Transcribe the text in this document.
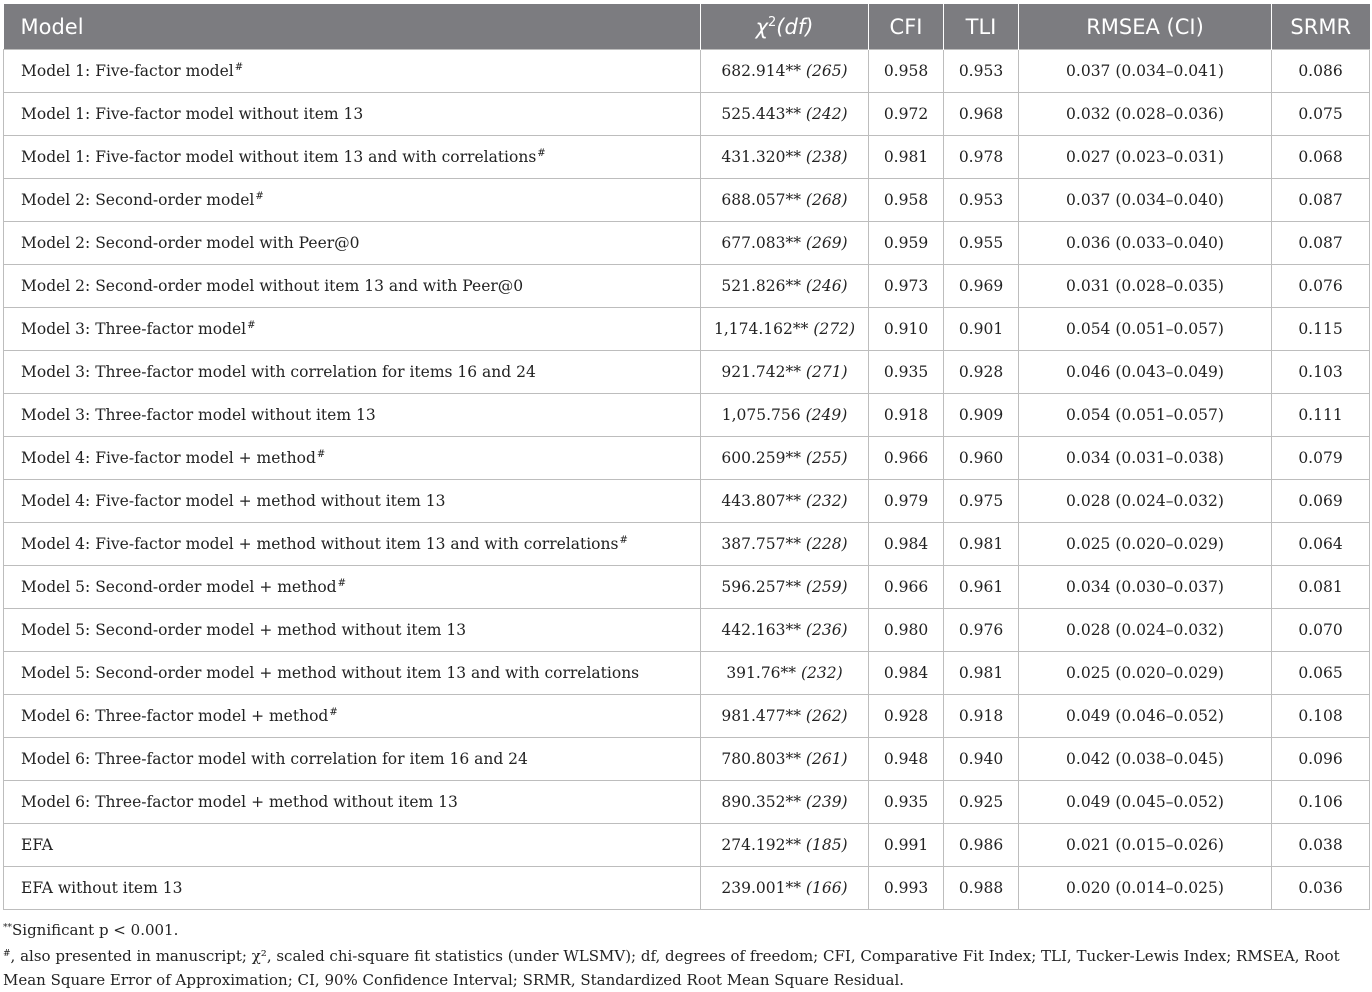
Model	$\chi^2(df)$	CFI	TLI	RMSEA (CI)	SRMR
Model 1: Five-factor model#	682.914** (265)	0.958	0.953	0.037 (0.034–0.041)	0.086
Model 1: Five-factor model without item 13	525.443** (242)	0.972	0.968	0.032 (0.028–0.036)	0.075
Model 1: Five-factor model without item 13 and with correlations#	431.320** (238)	0.981	0.978	0.027 (0.023–0.031)	0.068
Model 2: Second-order model#	688.057** (268)	0.958	0.953	0.037 (0.034–0.040)	0.087
Model 2: Second-order model with Peer@0	677.083** (269)	0.959	0.955	0.036 (0.033–0.040)	0.087
Model 2: Second-order model without item 13 and with Peer@0	521.826** (246)	0.973	0.969	0.031 (0.028–0.035)	0.076
Model 3: Three-factor model#	1,174.162** (272)	0.910	0.901	0.054 (0.051–0.057)	0.115
Model 3: Three-factor model with correlation for items 16 and 24	921.742** (271)	0.935	0.928	0.046 (0.043–0.049)	0.103
Model 3: Three-factor model without item 13	1,075.756 (249)	0.918	0.909	0.054 (0.051–0.057)	0.111
Model 4: Five-factor model + method#	600.259** (255)	0.966	0.960	0.034 (0.031–0.038)	0.079
Model 4: Five-factor model + method without item 13	443.807** (232)	0.979	0.975	0.028 (0.024–0.032)	0.069
Model 4: Five-factor model + method without item 13 and with correlations#	387.757** (228)	0.984	0.981	0.025 (0.020–0.029)	0.064
Model 5: Second-order model + method#	596.257** (259)	0.966	0.961	0.034 (0.030–0.037)	0.081
Model 5: Second-order model + method without item 13	442.163** (236)	0.980	0.976	0.028 (0.024–0.032)	0.070
Model 5: Second-order model + method without item 13 and with correlations	391.76** (232)	0.984	0.981	0.025 (0.020–0.029)	0.065
Model 6: Three-factor model + method#	981.477** (262)	0.928	0.918	0.049 (0.046–0.052)	0.108
Model 6: Three-factor model with correlation for item 16 and 24	780.803** (261)	0.948	0.940	0.042 (0.038–0.045)	0.096
Model 6: Three-factor model + method without item 13	890.352** (239)	0.935	0.925	0.049 (0.045–0.052)	0.106
EFA	274.192** (185)	0.991	0.986	0.021 (0.015–0.026)	0.038
EFA without item 13	239.001** (166)	0.993	0.988	0.020 (0.014–0.025)	0.036

**Significant p < 0.001.

#, also presented in manuscript; χ², scaled chi-square fit statistics (under WLSMV); df, degrees of freedom; CFI, Comparative Fit Index; TLI, Tucker-Lewis Index; RMSEA, Root Mean Square Error of Approximation; CI, 90% Confidence Interval; SRMR, Standardized Root Mean Square Residual.
